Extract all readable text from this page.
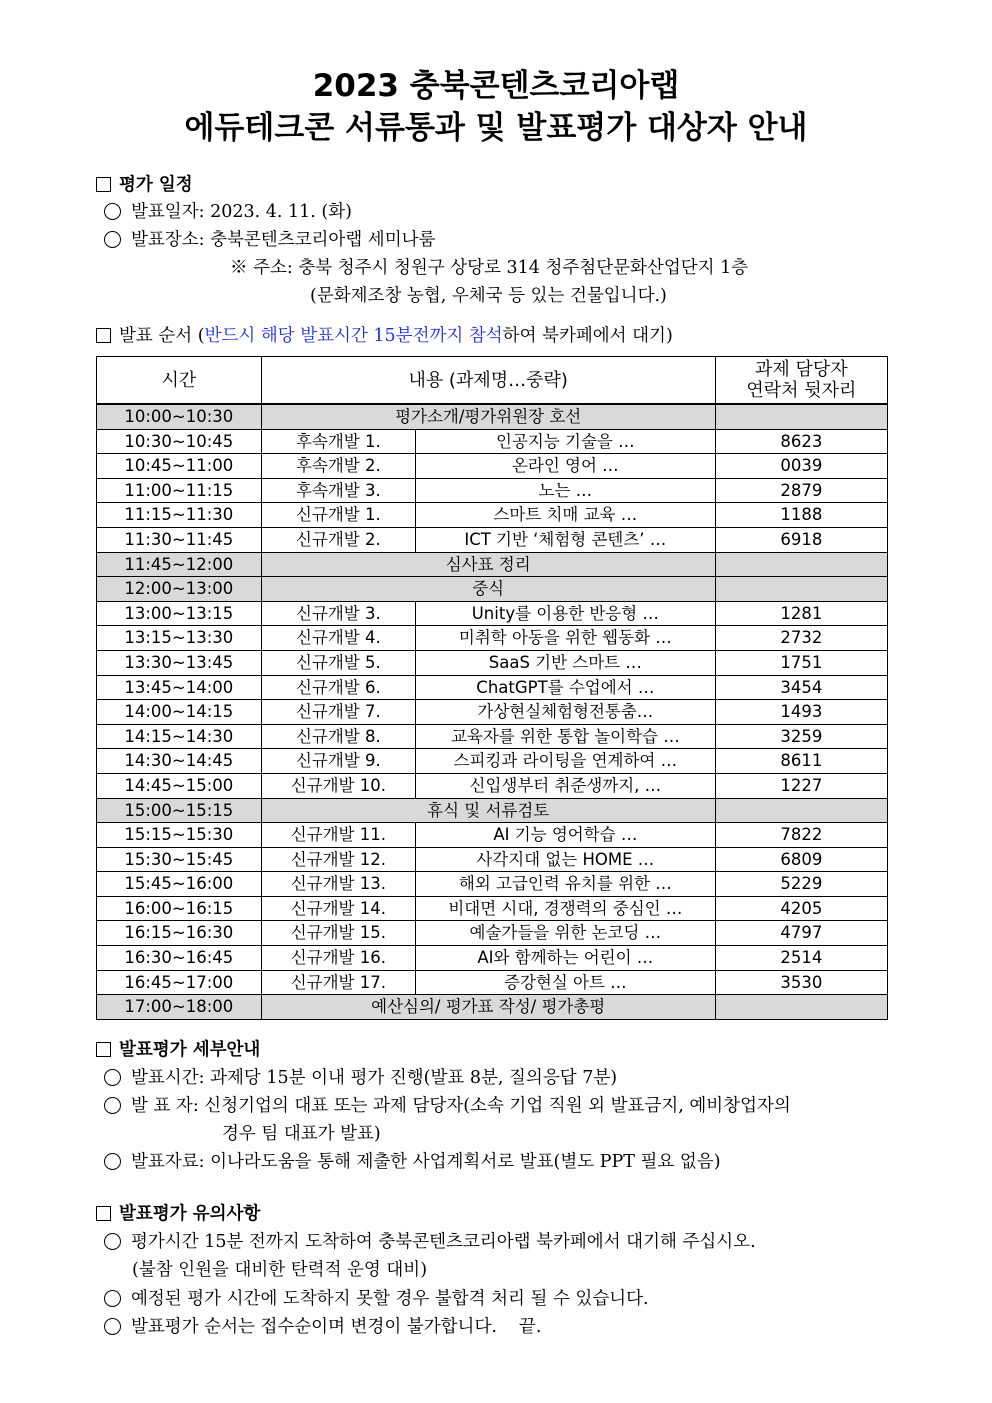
2023 충북콘텐츠코리아랩
에듀테크콘 서류통과 및 발표평가 대상자 안내
평가 일정
발표일자: 2023. 4. 11. (화)
발표장소: 충북콘텐츠코리아랩 세미나룸
※ 주소: 충북 청주시 청원구 상당로 314 청주첨단문화산업단지 1층
(문화제조창 농협, 우체국 등 있는 건물입니다.)
발표 순서 (반드시 해당 발표시간 15분전까지 참석하여 북카페에서 대기)
시간	내용 (과제명…중략)		과제 담당자
연락처 뒷자리
10:00~10:30	평가소개/평가위원장 호선		
10:30~10:45	후속개발 1.	인공지능 기술을 …	8623
10:45~11:00	후속개발 2.	온라인 영어 …	0039
11:00~11:15	후속개발 3.	노는 …	2879
11:15~11:30	신규개발 1.	스마트 치매 교육 …	1188
11:30~11:45	신규개발 2.	ICT 기반 ‘체험형 콘텐츠’ …	6918
11:45~12:00	심사표 정리		
12:00~13:00	중식		
13:00~13:15	신규개발 3.	Unity를 이용한 반응형 …	1281
13:15~13:30	신규개발 4.	미취학 아동을 위한 웹동화 …	2732
13:30~13:45	신규개발 5.	SaaS 기반 스마트 …	1751
13:45~14:00	신규개발 6.	ChatGPT를 수업에서 …	3454
14:00~14:15	신규개발 7.	가상현실체험형전통춤…	1493
14:15~14:30	신규개발 8.	교육자를 위한 통합 놀이학습 …	3259
14:30~14:45	신규개발 9.	스피킹과 라이팅을 연계하여 …	8611
14:45~15:00	신규개발 10.	신입생부터 취준생까지, …	1227
15:00~15:15	휴식 및 서류검토		
15:15~15:30	신규개발 11.	AI 기능 영어학습 …	7822
15:30~15:45	신규개발 12.	사각지대 없는 HOME …	6809
15:45~16:00	신규개발 13.	해외 고급인력 유치를 위한 …	5229
16:00~16:15	신규개발 14.	비대면 시대, 경쟁력의 중심인 …	4205
16:15~16:30	신규개발 15.	예술가들을 위한 논코딩 …	4797
16:30~16:45	신규개발 16.	AI와 함께하는 어린이 …	2514
16:45~17:00	신규개발 17.	증강현실 아트 …	3530
17:00~18:00	예산심의/ 평가표 작성/ 평가총평		
발표평가 세부안내
발표시간: 과제당 15분 이내 평가 진행(발표 8분, 질의응답 7분)
발 표 자: 신청기업의 대표 또는 과제 담당자(소속 기업 직원 외 발표금지, 예비창업자의
경우 팀 대표가 발표)
발표자료: 이나라도움을 통해 제출한 사업계획서로 발표(별도 PPT 필요 없음)
발표평가 유의사항
평가시간 15분 전까지 도착하여 충북콘텐츠코리아랩 북카페에서 대기해 주십시오.
(불참 인원을 대비한 탄력적 운영 대비)
예정된 평가 시간에 도착하지 못할 경우 불합격 처리 될 수 있습니다.
발표평가 순서는 접수순이며 변경이 불가합니다. 끝.
